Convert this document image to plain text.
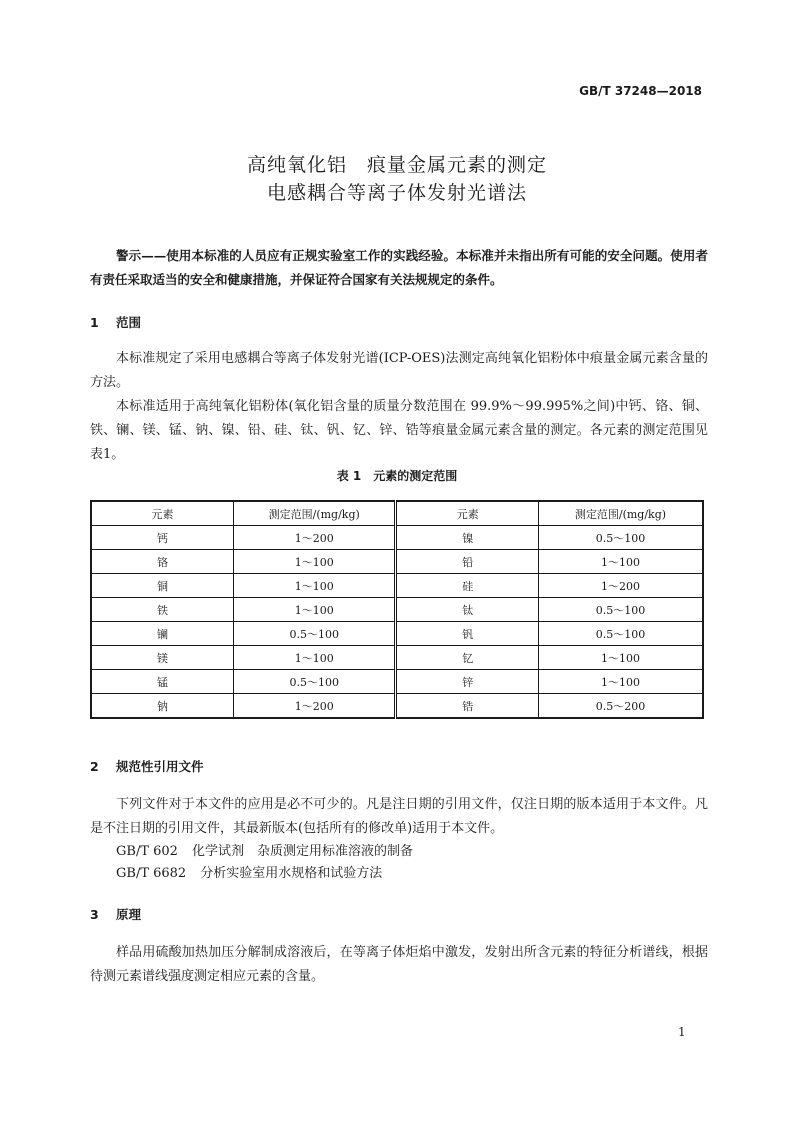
GB/T 37248—2018
高纯氧化铝　痕量金属元素的测定
电感耦合等离子体发射光谱法

警示——使用本标准的人员应有正规实验室工作的实践经验。本标准并未指出所有可能的安全问题。使用者有责任采取适当的安全和健康措施，并保证符合国家有关法规规定的条件。

1 范围

本标准规定了采用电感耦合等离子体发射光谱(ICP-OES)法测定高纯氧化铝粉体中痕量金属元素含量的方法。

本标准适用于高纯氧化铝粉体(氧化铝含量的质量分数范围在 99.9%～99.995%之间)中钙、铬、铜、铁、镧、镁、锰、钠、镍、铅、硅、钛、钒、钇、锌、锆等痕量金属元素含量的测定。各元素的测定范围见表1。

表 1　元素的测定范围
元素	测定范围/(mg/kg)	元素	测定范围/(mg/kg)
钙	1～200	镍	0.5～100
铬	1～100	铅	1～100
铜	1～100	硅	1～200
铁	1～100	钛	0.5～100
镧	0.5～100	钒	0.5～100
镁	1～100	钇	1～100
锰	0.5～100	锌	1～100
钠	1～200	锆	0.5～200
2 规范性引用文件

下列文件对于本文件的应用是必不可少的。凡是注日期的引用文件，仅注日期的版本适用于本文件。凡是不注日期的引用文件，其最新版本(包括所有的修改单)适用于本文件。

GB/T 602 化学试剂　杂质测定用标准溶液的制备
GB/T 6682 分析实验室用水规格和试验方法
3 原理

样品用硫酸加热加压分解制成溶液后，在等离子体炬焰中激发，发射出所含元素的特征分析谱线，根据待测元素谱线强度测定相应元素的含量。

1
